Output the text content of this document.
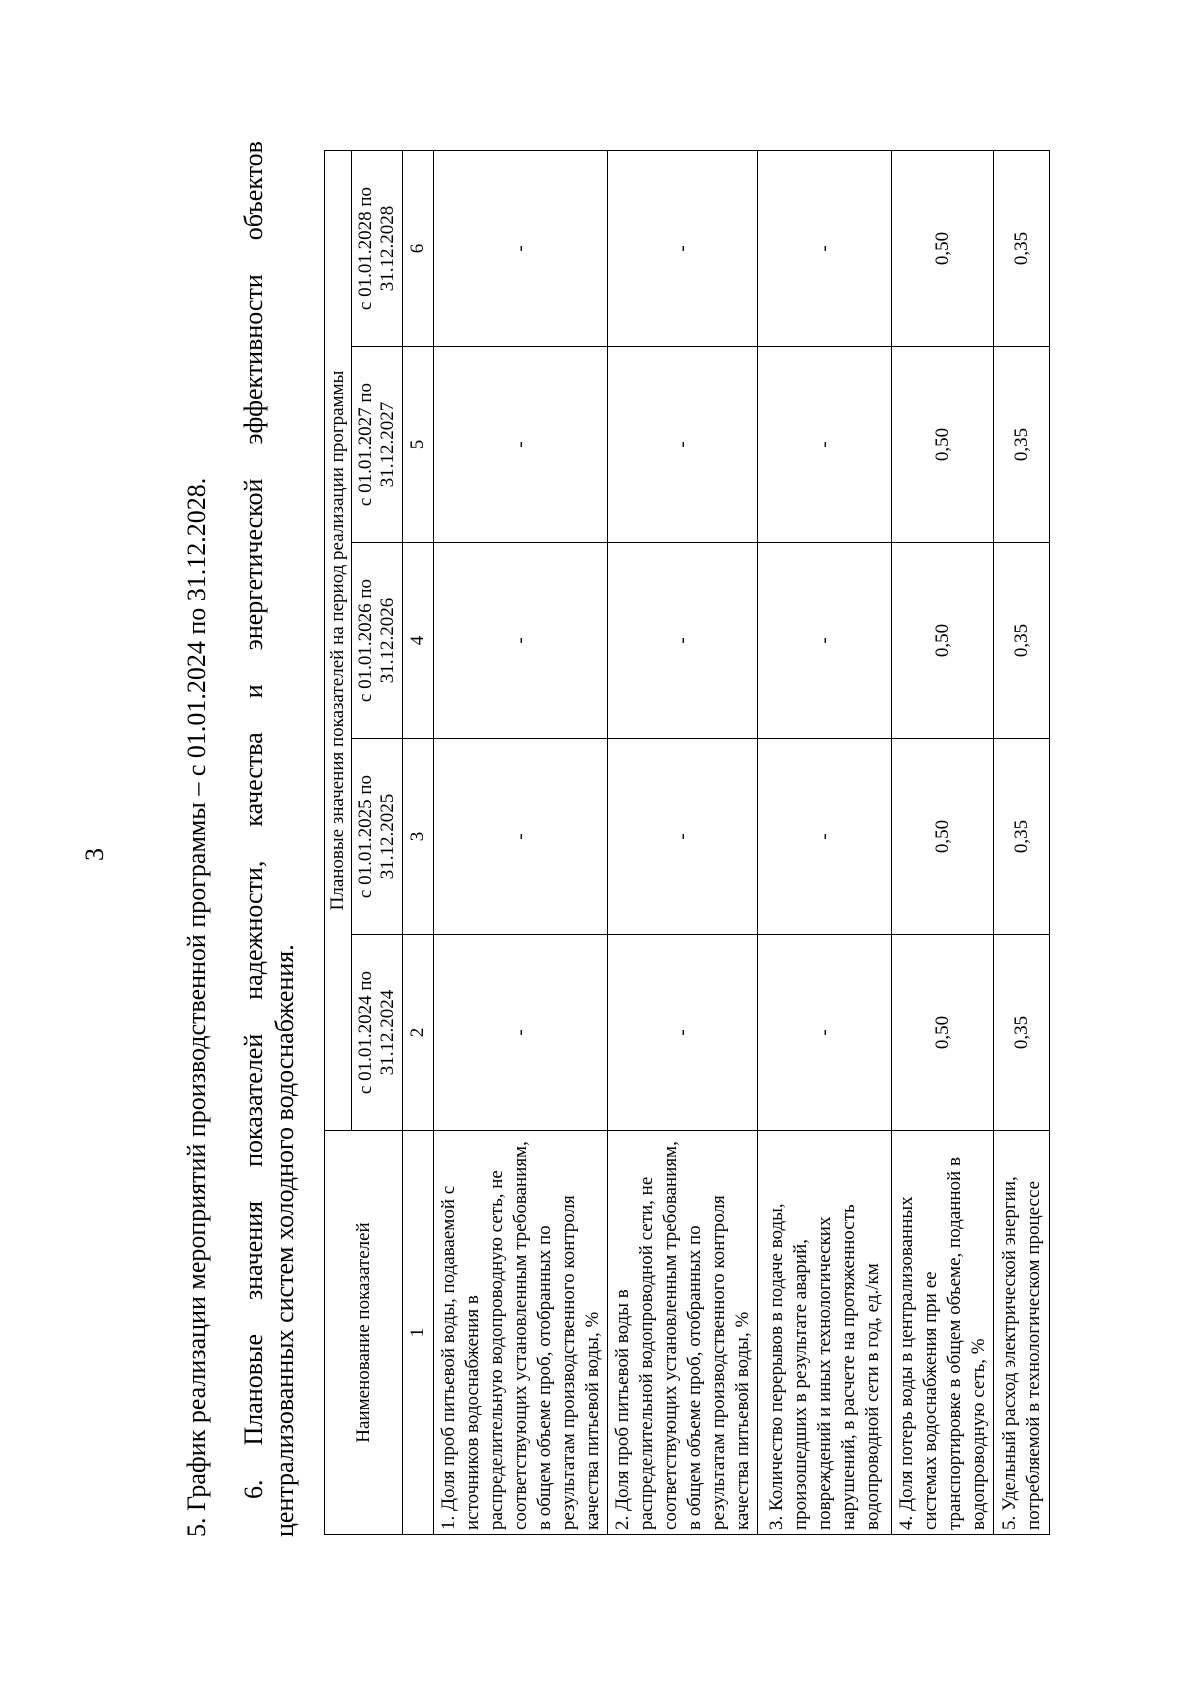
3	5. График реализации мероприятий производственной программы – с 01.01.2024 по 31.12.2028. 6.
Плановые
значения
показателей
надежности,
качества
и
энергетической
эффективности
объектов
централизованных систем холодного водоснабжения.	Наименование показателей	Плановые значения показателей на период реализации программы				
	с 01.01.2024 по 31.12.2024	с 01.01.2025 по 31.12.2025	с 01.01.2026 по 31.12.2026	с 01.01.2027 по 31.12.2027	с 01.01.2028 по 31.12.2028
1	2	3	4	5	6
1. Доля проб питьевой воды, подаваемой с источников водоснабжения в распределительную водопроводную сеть, не соответствующих установленным требованиям, в общем объеме проб, отобранных по результатам производственного контроля качества питьевой воды, %	-	-	-	-	-
2. Доля проб питьевой воды в распределительной водопроводной сети, не соответствующих установленным требованиям, в общем объеме проб, отобранных по результатам производственного контроля качества питьевой воды, %	-	-	-	-	-
3. Количество перерывов в подаче воды, произошедших в результате аварий, повреждений и иных технологических нарушений, в расчете на протяженность водопроводной сети в год, ед./км	-	-	-	-	-
4. Доля потерь воды в централизованных системах водоснабжения при ее транспортировке в общем объеме, поданной в водопроводную сеть, %	0,50	0,50	0,50	0,50	0,50
5. Удельный расход электрической энергии, потребляемой в технологическом процессе	0,35	0,35	0,35	0,35	0,35
